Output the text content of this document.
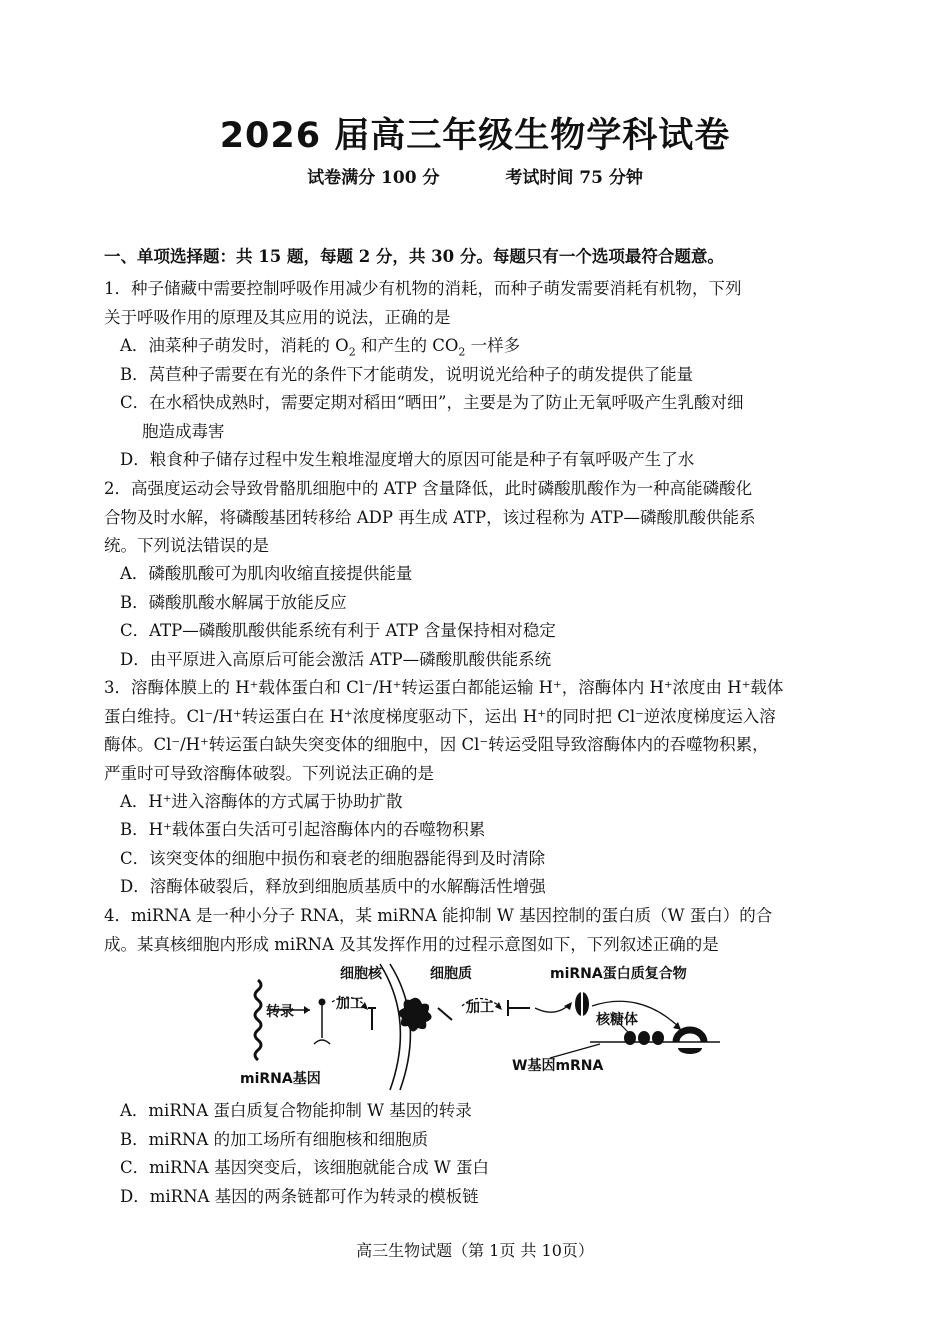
2026 届高三年级生物学科试卷
试卷满分 100 分	考试时间 75 分钟
一、单项选择题：共 15 题，每题 2 分，共 30 分。每题只有一个选项最符合题意。
1．种子储藏中需要控制呼吸作用减少有机物的消耗，而种子萌发需要消耗有机物，下列
关于呼吸作用的原理及其应用的说法，正确的是
A．油菜种子萌发时，消耗的 $O_2$ 和产生的 $CO_2$ 一样多
B．莴苣种子需要在有光的条件下才能萌发，说明说光给种子的萌发提供了能量
C．在水稻快成熟时，需要定期对稻田“晒田”，主要是为了防止无氧呼吸产生乳酸对细
胞造成毒害
D．粮食种子储存过程中发生粮堆湿度增大的原因可能是种子有氧呼吸产生了水
2．高强度运动会导致骨骼肌细胞中的 ATP 含量降低，此时磷酸肌酸作为一种高能磷酸化
合物及时水解，将磷酸基团转移给 ADP 再生成 ATP，该过程称为 ATP—磷酸肌酸供能系
统。下列说法错误的是
A．磷酸肌酸可为肌肉收缩直接提供能量
B．磷酸肌酸水解属于放能反应
C．ATP—磷酸肌酸供能系统有利于 ATP 含量保持相对稳定
D．由平原进入高原后可能会激活 ATP—磷酸肌酸供能系统
3．溶酶体膜上的 H⁺载体蛋白和 Cl⁻/H⁺转运蛋白都能运输 H⁺，溶酶体内 H⁺浓度由 H⁺载体
蛋白维持。Cl⁻/H⁺转运蛋白在 H⁺浓度梯度驱动下，运出 H⁺的同时把 Cl⁻逆浓度梯度运入溶
酶体。Cl⁻/H⁺转运蛋白缺失突变体的细胞中，因 Cl⁻转运受阻导致溶酶体内的吞噬物积累，
严重时可导致溶酶体破裂。下列说法正确的是
A．H⁺进入溶酶体的方式属于协助扩散
B．H⁺载体蛋白失活可引起溶酶体内的吞噬物积累
C．该突变体的细胞中损伤和衰老的细胞器能得到及时清除
D．溶酶体破裂后，释放到细胞质基质中的水解酶活性增强
4．miRNA 是一种小分子 RNA，某 miRNA 能抑制 W 基因控制的蛋白质（W 蛋白）的合
成。某真核细胞内形成 miRNA 及其发挥作用的过程示意图如下，下列叙述正确的是
细胞核	细胞质	miRNA蛋白质复合物
转录	加工	加工
核糖体
miRNA基因
W基因mRNA
A．miRNA 蛋白质复合物能抑制 W 基因的转录
B．miRNA 的加工场所有细胞核和细胞质
C．miRNA 基因突变后，该细胞就能合成 W 蛋白
D．miRNA 基因的两条链都可作为转录的模板链
高三生物试题（第 1页 共 10页）
